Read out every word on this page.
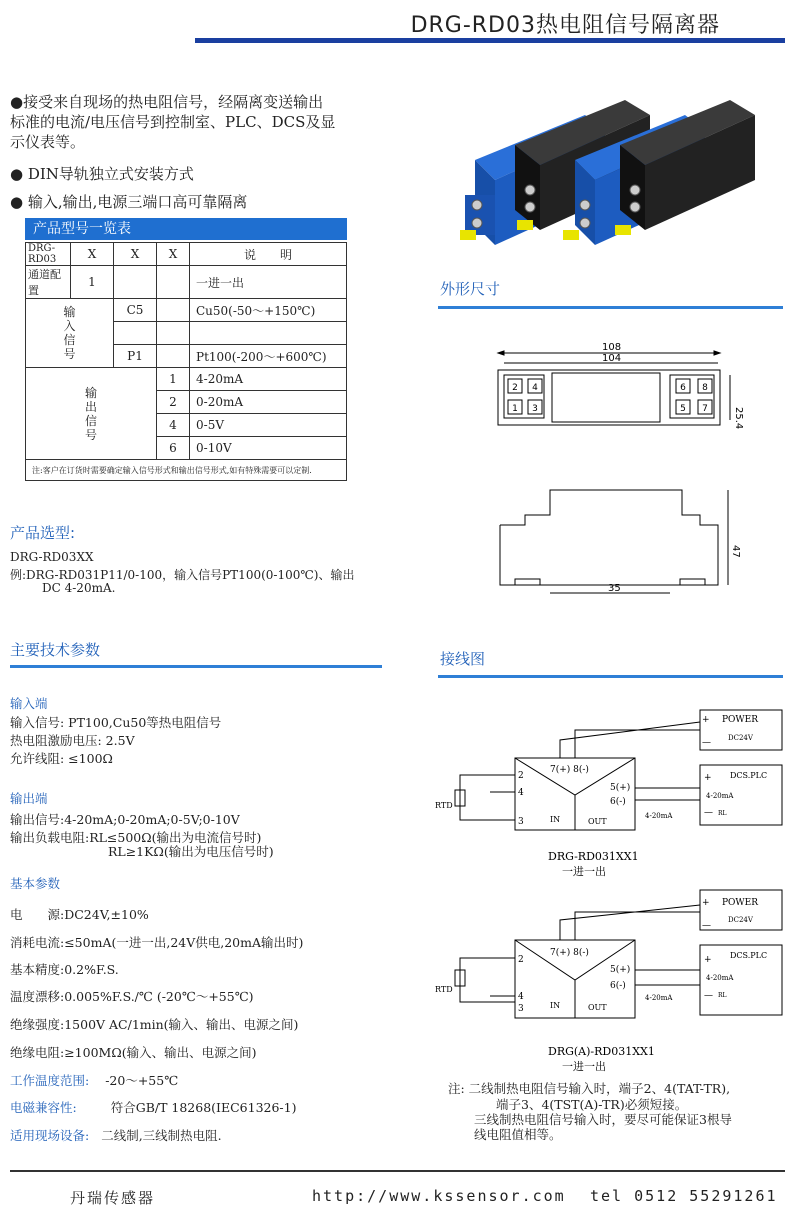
DRG-RD03热电阻信号隔离器
●接受来自现场的热电阻信号，经隔离变送输出
标准的电流/电压信号到控制室、PLC、DCS及显
示仪表等。
● DIN导轨独立式安装方式
● 输入,输出,电源三端口高可靠隔离
产品型号一览表
DRG-RD03	X	X	X	说　　明
通道配置	1			一进一出

输
入
信
号		C5		Cu50(-50～+150℃)

		P1		Pt100(-200～+600℃)

输
出
信
号			1	4-20mA
			2	0-20mA
			4	0-5V
			6	0-10V
注:客户在订货时需要确定输入信号形式和输出信号形式,如有特殊需要可以定制.				
产品选型:
DRG-RD03XX
例:DRG-RD031P11/0-100，输入信号PT100(0-100℃)、输出
DC 4-20mA.
主要技术参数
输入端
输入信号: PT100,Cu50等热电阻信号
热电阻激励电压: 2.5V
允许线阻: ≤100Ω
输出端
输出信号:4-20mA;0-20mA;0-5V;0-10V
输出负载电阻:RL≤500Ω(输出为电流信号时)
RL≥1KΩ(输出为电压信号时)
基本参数
电　　源:DC24V,±10%
消耗电流:≤50mA(一进一出,24V供电,20mA输出时)
基本精度:0.2%F.S.
温度漂移:0.005%F.S./℃ (-20℃～+55℃)
绝缘强度:1500V AC/1min(输入、输出、电源之间)
绝缘电阻:≥100MΩ(输入、输出、电源之间)
工作温度范围: -20～+55℃
电磁兼容性:	符合GB/T 18268(IEC61326-1)
适用现场设备: 二线制,三线制热电阻.
外形尺寸
108
104
25.4
47
35
2 4
1 3
6 8
5 7
接线图
+ POWER
— DC24V
DCS.PLC
+
—
4-20mA
RL
RTD
7(+) 8(-)
5(+)
6(-)
4-20mA
2
4
3	IN	OUT
DRG-RD031XX1
一进一出
+ POWER
—
DC24V
DCS.PLC
+
—
4-20mA
RL
RTD
7(+) 8(-)
5(+)
6(-)
4-20mA
2
4
3	IN	OUT
DRG(A)-RD031XX1
一进一出
注: 二线制热电阻信号输入时，端子2、4(TAT-TR),
端子3、4(TST(A)-TR)必须短接。
三线制热电阻信号输入时，要尽可能保证3根导
线电阻值相等。
丹瑞传感器	http://www.kssensor.com tel 0512 55291261
